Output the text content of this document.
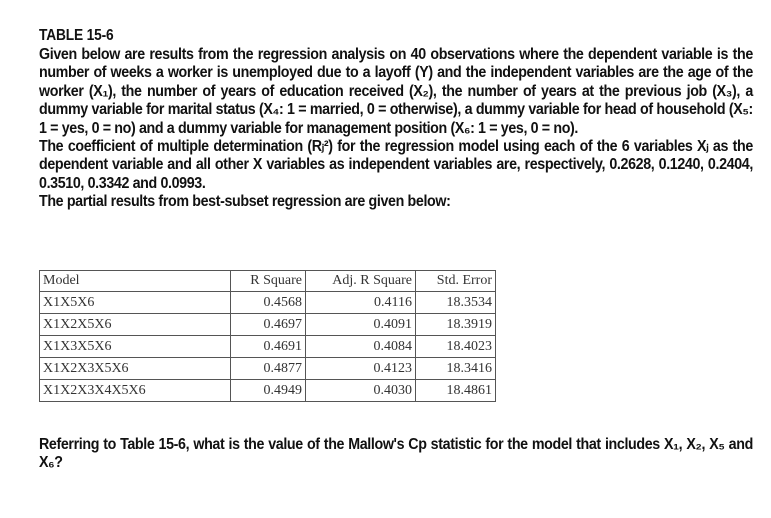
TABLE 15-6

Given below are results from the regression analysis on 40 observations where the dependent variable is the number of weeks a worker is unemployed due to a layoff (Y) and the independent variables are the age of the worker (X₁), the number of years of education received (X₂), the number of years at the previous job (X₃), a dummy variable for marital status (X₄: 1 = married, 0 = otherwise), a dummy variable for head of household (X₅: 1 = yes, 0 = no) and a dummy variable for management position (X₆: 1 = yes, 0 = no).

The coefficient of multiple determination (Rⱼ²) for the regression model using each of the 6 variables Xⱼ as the dependent variable and all other X variables as independent variables are, respectively, 0.2628, 0.1240, 0.2404, 0.3510, 0.3342 and 0.0993.

The partial results from best-subset regression are given below:

Model	R Square	Adj. R Square	Std. Error
X1X5X6	0.4568	0.4116	18.3534
X1X2X5X6	0.4697	0.4091	18.3919
X1X3X5X6	0.4691	0.4084	18.4023
X1X2X3X5X6	0.4877	0.4123	18.3416
X1X2X3X4X5X6	0.4949	0.4030	18.4861

Referring to Table 15-6, what is the value of the Mallow's Cp statistic for the model that includes X₁, X₂, X₅ and X₆?
